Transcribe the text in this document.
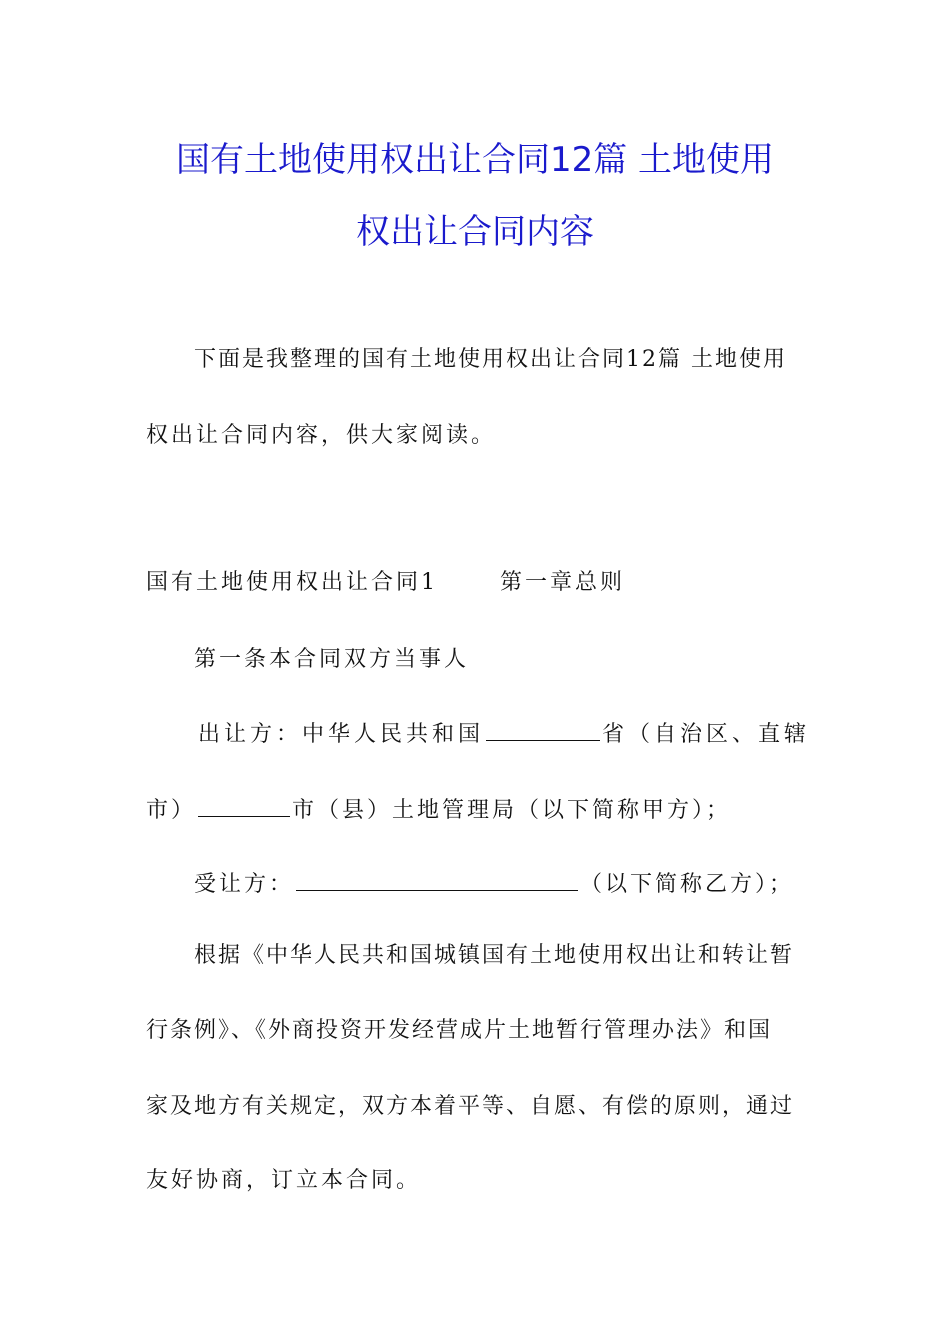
国有土地使用权出让合同12篇 土地使用
权出让合同内容
下面是我整理的国有土地使用权出让合同12篇 土地使用
权出让合同内容，供大家阅读。
国有土地使用权出让合同1	第一章总则
第一条本合同双方当事人
出让方：中华人民共和国	省（自治区、直辖
市）	市（县）土地管理局（以下简称甲方）；
受让方：	（以下简称乙方）；
根据《中华人民共和国城镇国有土地使用权出让和转让暂
行条例》、《外商投资开发经营成片土地暂行管理办法》和国
家及地方有关规定，双方本着平等、自愿、有偿的原则，通过
友好协商，订立本合同。
